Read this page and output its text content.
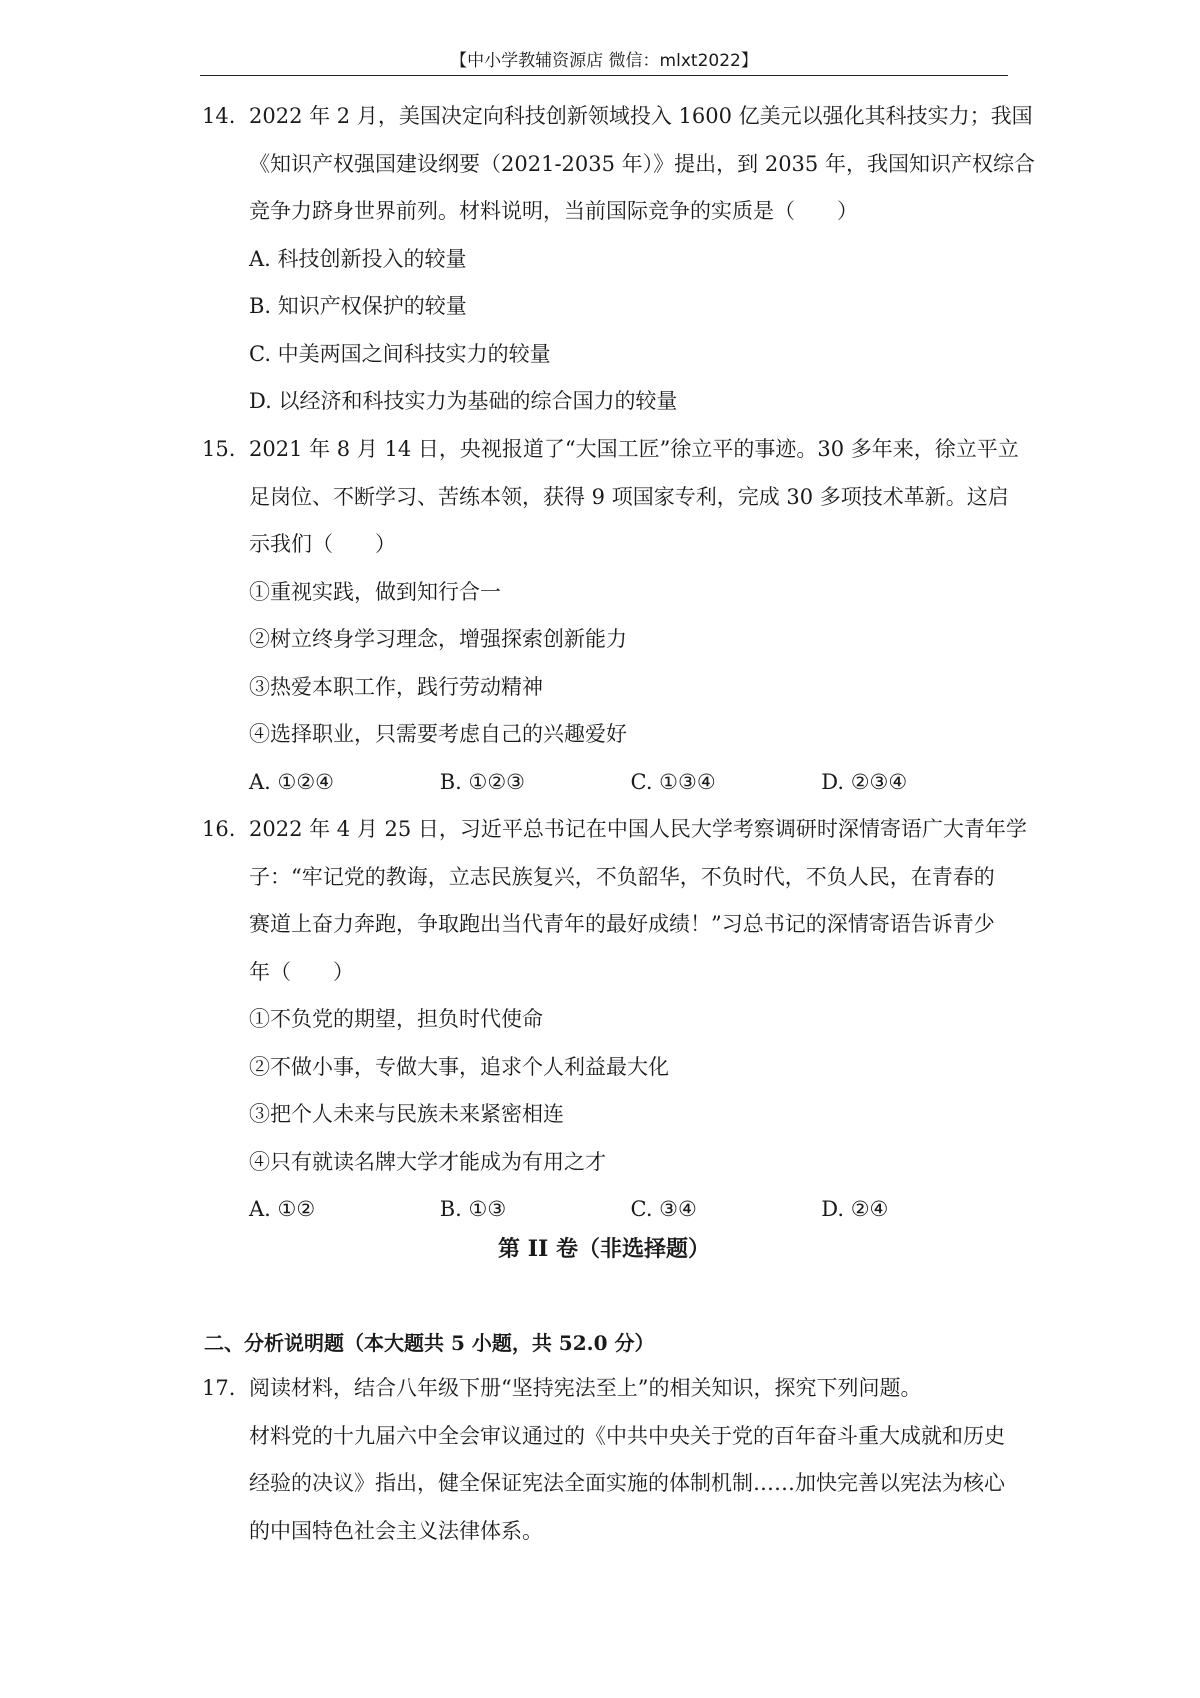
【中小学教辅资源店 微信：mlxt2022】
14. 2022 年 2 月，美国决定向科技创新领域投入 1600 亿美元以强化其科技实力；我国
《知识产权强国建设纲要（2021-2035 年）》提出，到 2035 年，我国知识产权综合
竞争力跻身世界前列。材料说明，当前国际竞争的实质是（　　）
A. 科技创新投入的较量
B. 知识产权保护的较量
C. 中美两国之间科技实力的较量
D. 以经济和科技实力为基础的综合国力的较量
15. 2021 年 8 月 14 日，央视报道了“大国工匠”徐立平的事迹。30 多年来，徐立平立
足岗位、不断学习、苦练本领，获得 9 项国家专利，完成 30 多项技术革新。这启
示我们（　　）
①重视实践，做到知行合一
②树立终身学习理念，增强探索创新能力
③热爱本职工作，践行劳动精神
④选择职业，只需要考虑自己的兴趣爱好
A. ①②④	B. ①②③	C. ①③④	D. ②③④
16. 2022 年 4 月 25 日，习近平总书记在中国人民大学考察调研时深情寄语广大青年学
子：“牢记党的教诲，立志民族复兴，不负韶华，不负时代，不负人民，在青春的
赛道上奋力奔跑，争取跑出当代青年的最好成绩！”习总书记的深情寄语告诉青少
年（　　）
①不负党的期望，担负时代使命
②不做小事，专做大事，追求个人利益最大化
③把个人未来与民族未来紧密相连
④只有就读名牌大学才能成为有用之才
A. ①②	B. ①③	C. ③④	D. ②④
第 II 卷（非选择题）
二、分析说明题（本大题共 5 小题，共 52.0 分）
17. 阅读材料，结合八年级下册“坚持宪法至上”的相关知识，探究下列问题。
材料党的十九届六中全会审议通过的《中共中央关于党的百年奋斗重大成就和历史
经验的决议》指出，健全保证宪法全面实施的体制机制……加快完善以宪法为核心
的中国特色社会主义法律体系。
